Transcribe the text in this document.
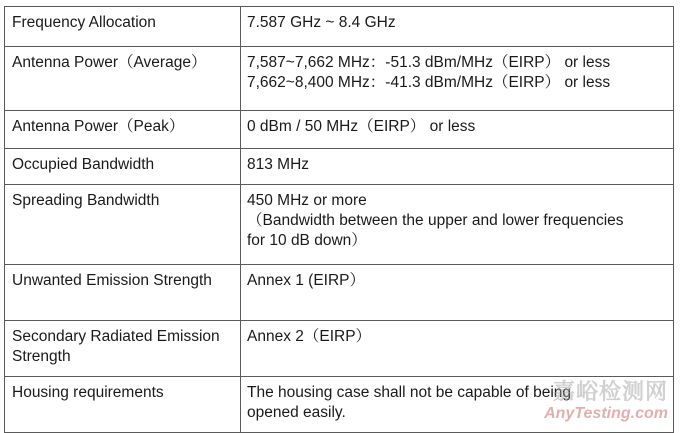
Frequency Allocation	7.587 GHz ~ 8.4 GHz

Antenna Power（Average）	7,587~7,662 MHz：-51.3 dBm/MHz（EIRP） or less
7,662~8,400 MHz：-41.3 dBm/MHz（EIRP） or less

Antenna Power（Peak）	0 dBm / 50 MHz（EIRP） or less

Occupied Bandwidth	813 MHz

Spreading Bandwidth	450 MHz or more
（Bandwidth between the upper and lower frequencies
for 10 dB down）

Unwanted Emission Strength	Annex 1 (EIRP）

Secondary Radiated Emission Strength	Annex 2（EIRP）

Housing requirements	The housing case shall not be capable of being
opened easily.
嘉峪检测网
AnyTesting.com
